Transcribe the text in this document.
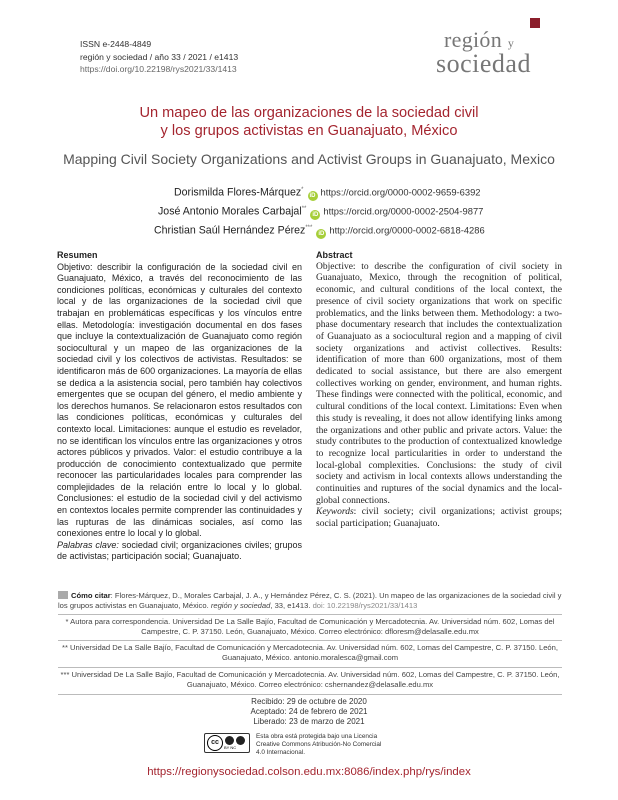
ISSN e-2448-4849
región y sociedad / año 33 / 2021 / e1413
https://doi.org/10.22198/rys2021/33/1413
región y
sociedad
Un mapeo de las organizaciones de la sociedad civil
y los grupos activistas en Guanajuato, México
Mapping Civil Society Organizations and Activist Groups in Guanajuato, Mexico
Dorismilda Flores-Márquez*iD https://orcid.org/0000-0002-9659-6392
José Antonio Morales Carbajal**iD https://orcid.org/0000-0002-2504-9877
Christian Saúl Hernández Pérez***iD http://orcid.org/0000-0002-6818-4286
Resumen

Objetivo: describir la configuración de la sociedad civil en Guanajuato, México, a través del reconocimiento de las condiciones políticas, económicas y culturales del contexto local y de las organizaciones de la sociedad civil que trabajan en problemáticas específicas y los vínculos entre ellas. Metodología: investigación documental en dos fases que incluye la contextualización de Guanajuato como región sociocultural y un mapeo de las organizaciones de la sociedad civil y los colectivos de activistas. Resultados: se identificaron más de 600 organizaciones. La mayoría de ellas se dedica a la asistencia social, pero también hay colectivos emergentes que se ocupan del género, el medio ambiente y los derechos humanos. Se relacionaron estos resultados con las condiciones políticas, económicas y culturales del contexto local. Limitaciones: aunque el estudio es revelador, no se identifican los vínculos entre las organizaciones y otros actores públicos y privados. Valor: el estudio contribuye a la producción de conocimiento contextualizado que permite reconocer las particularidades locales para comprender las complejidades de la relación entre lo local y lo global. Conclusiones: el estudio de la sociedad civil y del activismo en contextos locales permite comprender las continuidades y las rupturas de las dinámicas sociales, así como las conexiones entre lo local y lo global.

Palabras clave: sociedad civil; organizaciones civiles; grupos de activistas; participación social; Guanajuato.

Abstract

Objective: to describe the configuration of civil society in Guanajuato, Mexico, through the recognition of political, economic, and cultural conditions of the local context, the presence of civil society organizations that work on specific problematics, and the links between them. Methodology: a two-phase documentary research that includes the contextualization of Guanajuato as a sociocultural region and a mapping of civil society organizations and activist collectives. Results: identification of more than 600 organizations, most of them dedicated to social assistance, but there are also emergent collectives working on gender, environment, and human rights. These findings were connected with the political, economic, and cultural conditions of the local context. Limitations: Even when this study is revealing, it does not allow identifying links among the organizations and other public and private actors. Value: the study contributes to the production of contextualized knowledge to recognize local particularities in order to understand the local-global complexities. Conclusions: the study of civil society and activism in local contexts allows understanding the continuities and ruptures of the social dynamics and the local-global connections.

Keywords: civil society; civil organizations; activist groups; social participation; Guanajuato.

Cómo citar: Flores-Márquez, D., Morales Carbajal, J. A., y Hernández Pérez, C. S. (2021). Un mapeo de las organizaciones de la sociedad civil y los grupos activistas en Guanajuato, México. región y sociedad, 33, e1413. doi: 10.22198/rys2021/33/1413
* Autora para correspondencia. Universidad De La Salle Bajío, Facultad de Comunicación y Mercadotecnia. Av. Universidad núm. 602, Lomas del Campestre, C. P. 37150. León, Guanajuato, México. Correo electrónico: dfloresm@delasalle.edu.mx
** Universidad De La Salle Bajío, Facultad de Comunicación y Mercadotecnia. Av. Universidad núm. 602, Lomas del Campestre, C. P. 37150. León, Guanajuato, México. antonio.moralesca@gmail.com
*** Universidad De La Salle Bajío, Facultad de Comunicación y Mercadotecnia. Av. Universidad núm. 602, Lomas del Campestre, C. P. 37150. León, Guanajuato, México. Correo electrónico: cshernandez@delasalle.edu.mx
Recibido: 29 de octubre de 2020
Aceptado: 24 de febrero de 2021
Liberado: 23 de marzo de 2021
cc
BY NC
Esta obra está protegida bajo una Licencia
Creative Commons Atribución-No Comercial
4.0 Internacional.
https://regionysociedad.colson.edu.mx:8086/index.php/rys/index
